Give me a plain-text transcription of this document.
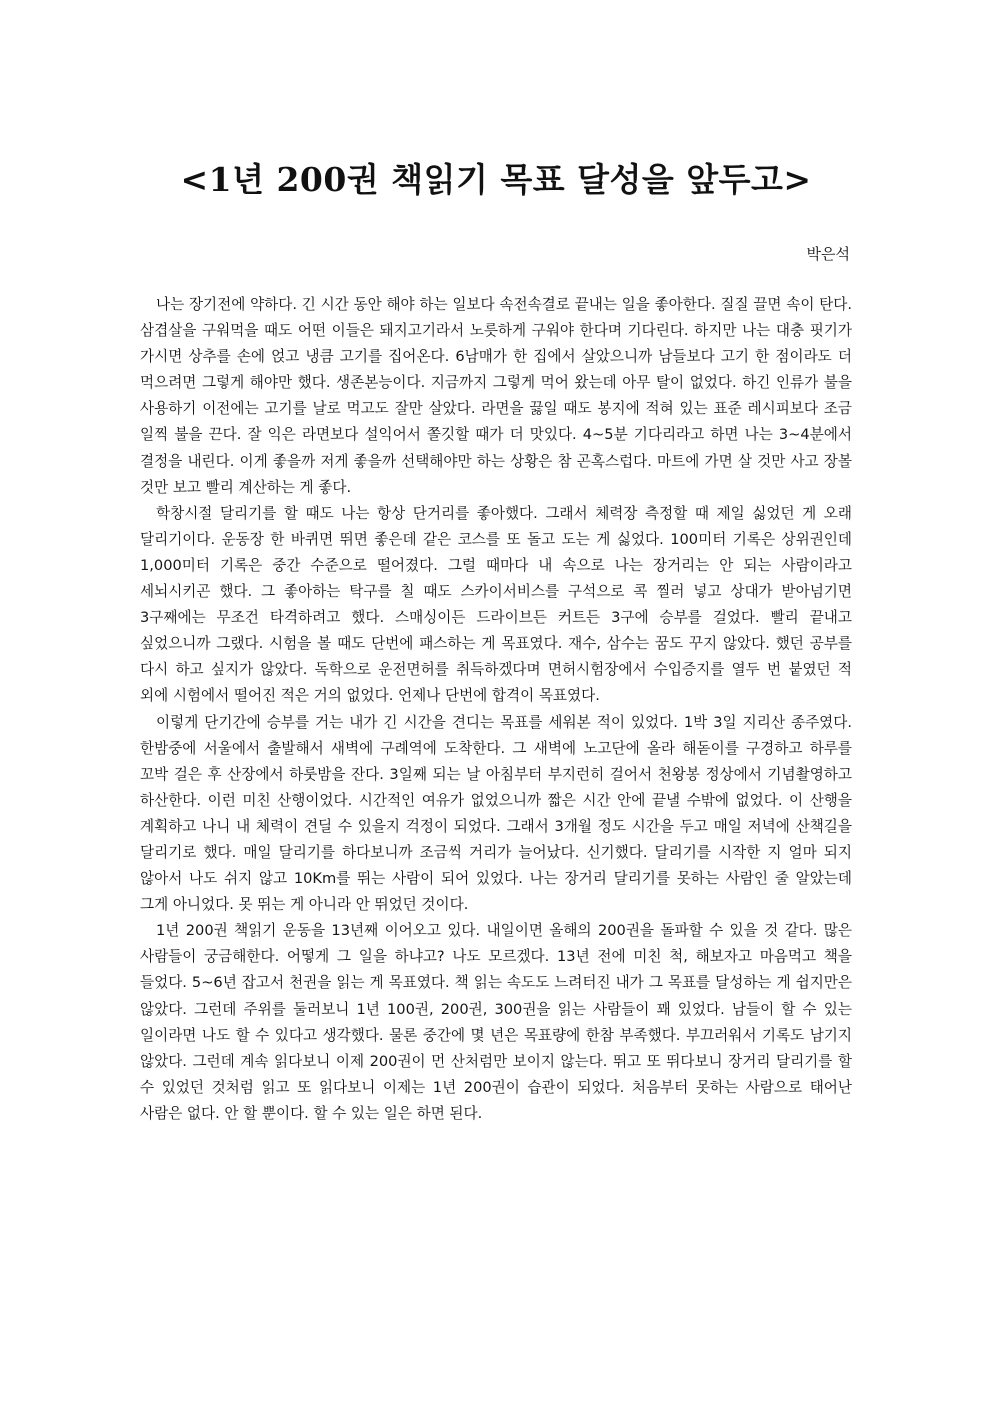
<1년 200권 책읽기 목표 달성을 앞두고>
박은석

나는 장기전에 약하다. 긴 시간 동안 해야 하는 일보다 속전속결로 끝내는 일을 좋아한다. 질질 끌면 속이 탄다. 삼겹살을 구워먹을 때도 어떤 이들은 돼지고기라서 노릇하게 구워야 한다며 기다린다. 하지만 나는 대충 핏기가 가시면 상추를 손에 얹고 냉큼 고기를 집어온다. 6남매가 한 집에서 살았으니까 남들보다 고기 한 점이라도 더 먹으려면 그렇게 해야만 했다. 생존본능이다. 지금까지 그렇게 먹어 왔는데 아무 탈이 없었다. 하긴 인류가 불을 사용하기 이전에는 고기를 날로 먹고도 잘만 살았다. 라면을 끓일 때도 봉지에 적혀 있는 표준 레시피보다 조금 일찍 불을 끈다. 잘 익은 라면보다 설익어서 쫄깃할 때가 더 맛있다. 4~5분 기다리라고 하면 나는 3~4분에서 결정을 내린다. 이게 좋을까 저게 좋을까 선택해야만 하는 상황은 참 곤혹스럽다. 마트에 가면 살 것만 사고 장볼 것만 보고 빨리 계산하는 게 좋다.

학창시절 달리기를 할 때도 나는 항상 단거리를 좋아했다. 그래서 체력장 측정할 때 제일 싫었던 게 오래 달리기이다. 운동장 한 바퀴면 뛰면 좋은데 같은 코스를 또 돌고 도는 게 싫었다. 100미터 기록은 상위권인데 1,000미터 기록은 중간 수준으로 떨어졌다. 그럴 때마다 내 속으로 나는 장거리는 안 되는 사람이라고 세뇌시키곤 했다. 그 좋아하는 탁구를 칠 때도 스카이서비스를 구석으로 콕 찔러 넣고 상대가 받아넘기면 3구째에는 무조건 타격하려고 했다. 스매싱이든 드라이브든 커트든 3구에 승부를 걸었다. 빨리 끝내고 싶었으니까 그랬다. 시험을 볼 때도 단번에 패스하는 게 목표였다. 재수, 삼수는 꿈도 꾸지 않았다. 했던 공부를 다시 하고 싶지가 않았다. 독학으로 운전면허를 취득하겠다며 면허시험장에서 수입증지를 열두 번 붙였던 적 외에 시험에서 떨어진 적은 거의 없었다. 언제나 단번에 합격이 목표였다.

이렇게 단기간에 승부를 거는 내가 긴 시간을 견디는 목표를 세워본 적이 있었다. 1박 3일 지리산 종주였다. 한밤중에 서울에서 출발해서 새벽에 구례역에 도착한다. 그 새벽에 노고단에 올라 해돋이를 구경하고 하루를 꼬박 걸은 후 산장에서 하룻밤을 잔다. 3일째 되는 날 아침부터 부지런히 걸어서 천왕봉 정상에서 기념촬영하고 하산한다. 이런 미친 산행이었다. 시간적인 여유가 없었으니까 짧은 시간 안에 끝낼 수밖에 없었다. 이 산행을 계획하고 나니 내 체력이 견딜 수 있을지 걱정이 되었다. 그래서 3개월 정도 시간을 두고 매일 저녁에 산책길을 달리기로 했다. 매일 달리기를 하다보니까 조금씩 거리가 늘어났다. 신기했다. 달리기를 시작한 지 얼마 되지 않아서 나도 쉬지 않고 10Km를 뛰는 사람이 되어 있었다. 나는 장거리 달리기를 못하는 사람인 줄 알았는데 그게 아니었다. 못 뛰는 게 아니라 안 뛰었던 것이다.

1년 200권 책읽기 운동을 13년째 이어오고 있다. 내일이면 올해의 200권을 돌파할 수 있을 것 같다. 많은 사람들이 궁금해한다. 어떻게 그 일을 하냐고? 나도 모르겠다. 13년 전에 미친 척, 해보자고 마음먹고 책을 들었다. 5~6년 잡고서 천권을 읽는 게 목표였다. 책 읽는 속도도 느려터진 내가 그 목표를 달성하는 게 쉽지만은 않았다. 그런데 주위를 둘러보니 1년 100권, 200권, 300권을 읽는 사람들이 꽤 있었다. 남들이 할 수 있는 일이라면 나도 할 수 있다고 생각했다. 물론 중간에 몇 년은 목표량에 한참 부족했다. 부끄러워서 기록도 남기지 않았다. 그런데 계속 읽다보니 이제 200권이 먼 산처럼만 보이지 않는다. 뛰고 또 뛰다보니 장거리 달리기를 할 수 있었던 것처럼 읽고 또 읽다보니 이제는 1년 200권이 습관이 되었다. 처음부터 못하는 사람으로 태어난 사람은 없다. 안 할 뿐이다. 할 수 있는 일은 하면 된다.
